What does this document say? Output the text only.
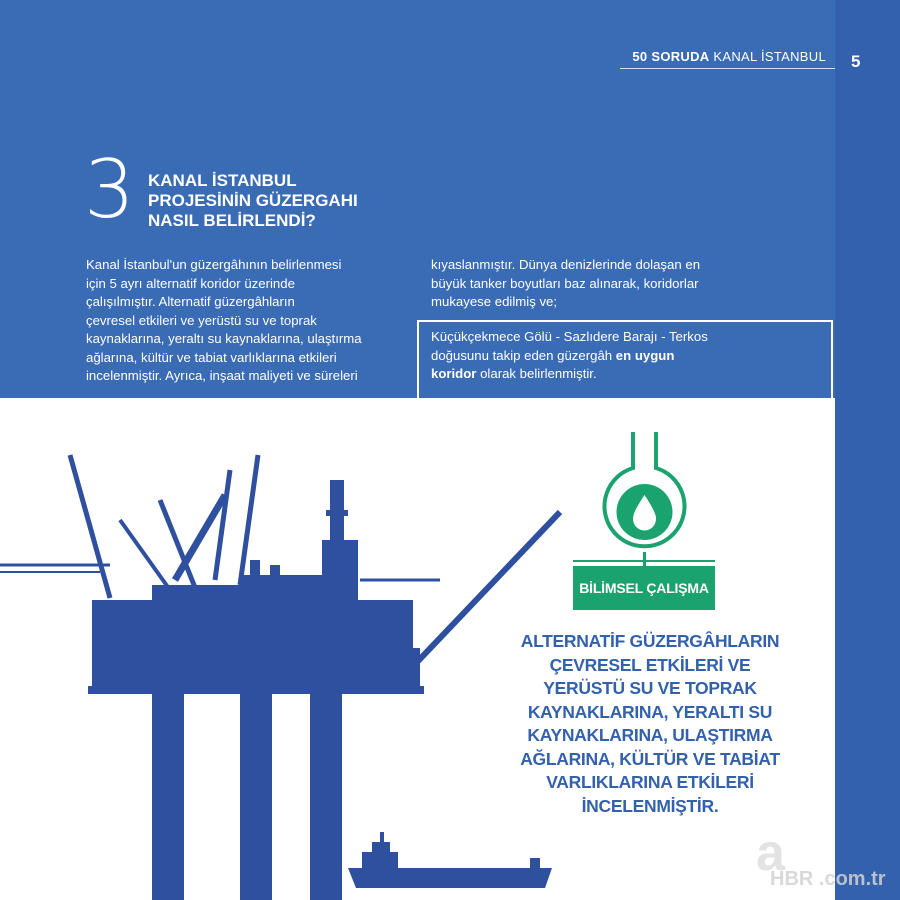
50 SORUDA KANAL İSTANBUL 5
3 KANAL İSTANBUL
PROJESİNİN GÜZERGAHI
NASIL BELİRLENDİ?
Kanal İstanbul'un güzergâhının belirlenmesi
için 5 ayrı alternatif koridor üzerinde
çalışılmıştır. Alternatif güzergâhların
çevresel etkileri ve yerüstü su ve toprak
kaynaklarına, yeraltı su kaynaklarına, ulaştırma
ağlarına, kültür ve tabiat varlıklarına etkileri
incelenmiştir. Ayrıca, inşaat maliyeti ve süreleri
kıyaslanmıştır. Dünya denizlerinde dolaşan en
büyük tanker boyutları baz alınarak, koridorlar
mukayese edilmiş ve;
Küçükçekmece Gölü - Sazlıdere Barajı - Terkos
doğusunu takip eden güzergâh en uygun
koridor olarak belirlenmiştir.
BİLİMSEL ÇALIŞMA
ALTERNATİF GÜZERGÂHLARIN
ÇEVRESEL ETKİLERİ VE
YERÜSTÜ SU VE TOPRAK
KAYNAKLARINA, YERALTI SU
KAYNAKLARINA, ULAŞTIRMA
AĞLARINA, KÜLTÜR VE TABİAT
VARLIKLARINA ETKİLERİ
İNCELENMİŞTİR.
a
HBR .com.tr
